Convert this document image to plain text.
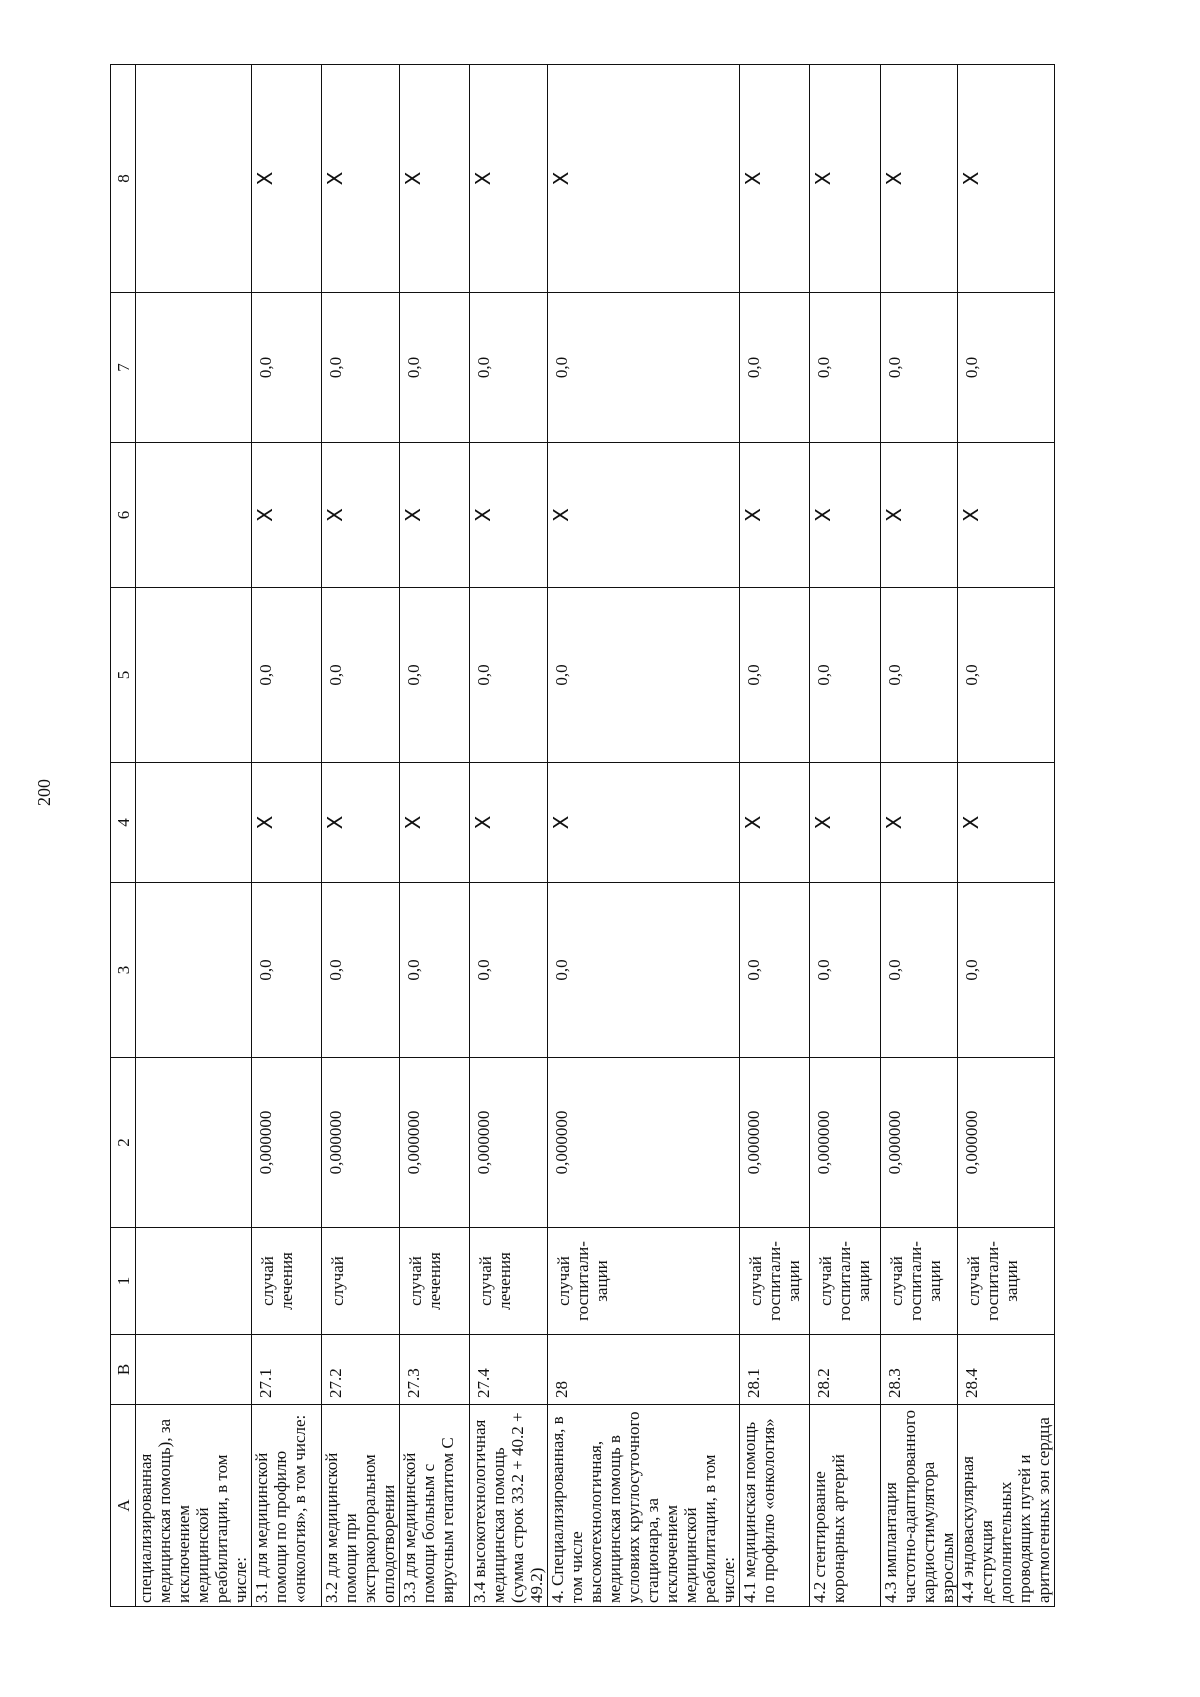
200
А	В	1	2	3	4	5	6	7	8
специализированная медицинская помощь), за исключением медицинской реабилитации, в том числе:									
3.1 для медицинской помощи по профилю «онкология», в том числе:	27.1	случай лечения	0,000000	0,0	Х	0,0	Х	0,0	Х
3.2 для медицинской помощи при экстракорпоральном оплодотворении	27.2	случай	0,000000	0,0	Х	0,0	Х	0,0	Х
3.3 для медицинской помощи больным с вирусным гепатитом С	27.3	случай лечения	0,000000	0,0	Х	0,0	Х	0,0	Х
3.4 высокотехнологичная медицинская помощь (сумма строк 33.2 + 40.2 + 49.2)	27.4	случай лечения	0,000000	0,0	Х	0,0	Х	0,0	Х
4. Специализированная, в том числе высокотехнологичная, медицинская помощь в условиях круглосуточного стационара, за исключением медицинской реабилитации, в том числе:	28	случай госпитали-зации	0,000000	0,0	Х	0,0	Х	0,0	Х
4.1 медицинская помощь по профилю «онкология»	28.1	случай госпитали-зации	0,000000	0,0	Х	0,0	Х	0,0	Х
4.2 стентирование коронарных артерий	28.2	случай госпитали-зации	0,000000	0,0	Х	0,0	Х	0,0	Х
4.3 имплантация частотно-адаптированного кардиостимулятора взрослым	28.3	случай госпитали-зации	0,000000	0,0	Х	0,0	Х	0,0	Х
4.4 эндоваскулярная деструкция дополнительных проводящих путей и аритмогенных зон сердца	28.4	случай госпитали-зации	0,000000	0,0	Х	0,0	Х	0,0	Х
